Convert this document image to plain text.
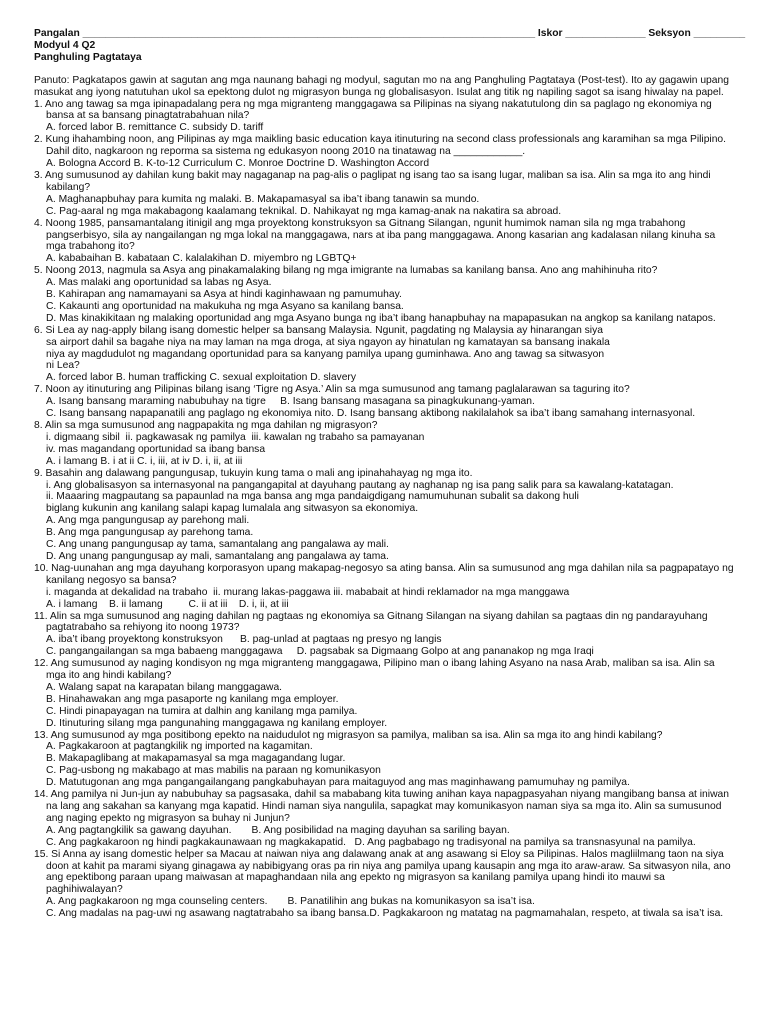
Pangalan _______________________________________________________________________________ Iskor ______________ Seksyon _________
Modyul 4 Q2
Panghuling Pagtataya
Panuto: Pagkatapos gawin at sagutan ang mga naunang bahagi ng modyul, sagutan mo na ang Panghuling Pagtataya (Post-test). Ito ay gagawin upang masukat ang iyong natutuhan ukol sa epektong dulot ng migrasyon bunga ng globalisasyon. Isulat ang titik ng napiling sagot sa isang hiwalay na papel.
1. Ano ang tawag sa mga ipinapadalang pera ng mga migranteng manggagawa sa Pilipinas na siyang nakatutulong din sa paglago ng ekonomiya ng bansa at sa bansang pinagtatrabahuan nila?
A. forced labor B. remittance C. subsidy D. tariff
2. Kung ihahambing noon, ang Pilipinas ay mga maikling basic education kaya itinuturing na second class professionals ang karamihan sa mga Pilipino. Dahil dito, nagkaroon ng reporma sa sistema ng edukasyon noong 2010 na tinatawag na ____________.
A. Bologna Accord B. K-to-12 Curriculum C. Monroe Doctrine D. Washington Accord
3. Ang sumusunod ay dahilan kung bakit may nagaganap na pag-alis o paglipat ng isang tao sa isang lugar, maliban sa isa. Alin sa mga ito ang hindi kabilang?
A. Maghanapbuhay para kumita ng malaki. B. Makapamasyal sa iba’t ibang tanawin sa mundo.
C. Pag-aaral ng mga makabagong kaalamang teknikal. D. Nahikayat ng mga kamag-anak na nakatira sa abroad.
4. Noong 1985, pansamantalang itinigil ang mga proyektong konstruksyon sa Gitnang Silangan, ngunit humimok naman sila ng mga trabahong pangserbisyo, sila ay nangailangan ng mga lokal na manggagawa, nars at iba pang manggagawa. Anong kasarian ang kadalasan nilang kinuha sa mga trabahong ito?
A. kababaihan B. kabataan C. kalalakihan D. miyembro ng LGBTQ+
5. Noong 2013, nagmula sa Asya ang pinakamalaking bilang ng mga imigrante na lumabas sa kanilang bansa. Ano ang mahihinuha rito?
A. Mas malaki ang oportunidad sa labas ng Asya.
B. Kahirapan ang namamayani sa Asya at hindi kaginhawaan ng pamumuhay.
C. Kakaunti ang oportunidad na makukuha ng mga Asyano sa kanilang bansa.
D. Mas kinakikitaan ng malaking oportunidad ang mga Asyano bunga ng iba’t ibang hanapbuhay na mapapasukan na angkop sa kanilang natapos.
6. Si Lea ay nag-apply bilang isang domestic helper sa bansang Malaysia. Ngunit, pagdating ng Malaysia ay hinarangan siya
sa airport dahil sa bagahe niya na may laman na mga droga, at siya ngayon ay hinatulan ng kamatayan sa bansang inakala
niya ay magdudulot ng magandang oportunidad para sa kanyang pamilya upang guminhawa. Ano ang tawag sa sitwasyon
ni Lea?
A. forced labor B. human trafficking C. sexual exploitation D. slavery
7. Noon ay itinuturing ang Pilipinas bilang isang ‘Tigre ng Asya.’ Alin sa mga sumusunod ang tamang paglalarawan sa taguring ito?
A. Isang bansang maraming nabubuhay na tigre     B. Isang bansang masagana sa pinagkukunang-yaman.
C. Isang bansang napapanatili ang paglago ng ekonomiya nito. D. Isang bansang aktibong nakilalahok sa iba’t ibang samahang internasyonal.
8. Alin sa mga sumusunod ang nagpapakita ng mga dahilan ng migrasyon?
i. digmaang sibil  ii. pagkawasak ng pamilya  iii. kawalan ng trabaho sa pamayanan
iv. mas magandang oportunidad sa ibang bansa
A. i lamang B. i at ii C. i, iii, at iv D. i, ii, at iii
9. Basahin ang dalawang pangungusap, tukuyin kung tama o mali ang ipinahahayag ng mga ito.
i. Ang globalisasyon sa internasyonal na pangangapital at dayuhang pautang ay naghanap ng isa pang salik para sa kawalang-katatagan.
ii. Maaaring magpautang sa papaunlad na mga bansa ang mga pandaigdigang namumuhunan subalit sa dakong huli
biglang kukunin ang kanilang salapi kapag lumalala ang sitwasyon sa ekonomiya.
A. Ang mga pangungusap ay parehong mali.
B. Ang mga pangungusap ay parehong tama.
C. Ang unang pangungusap ay tama, samantalang ang pangalawa ay mali.
D. Ang unang pangungusap ay mali, samantalang ang pangalawa ay tama.
10. Nag-uunahan ang mga dayuhang korporasyon upang makapag-negosyo sa ating bansa. Alin sa sumusunod ang mga dahilan nila sa pagpapatayo ng kanilang negosyo sa bansa?
i. maganda at dekalidad na trabaho  ii. murang lakas-paggawa iii. mababait at hindi reklamador na mga manggawa
A. i lamang    B. ii lamang         C. ii at iii    D. i, ii, at iii
11. Alin sa mga sumusunod ang naging dahilan ng pagtaas ng ekonomiya sa Gitnang Silangan na siyang dahilan sa pagtaas din ng pandarayuhang pagtatrabaho sa rehiyong ito noong 1973?
A. iba’t ibang proyektong konstruksyon      B. pag-unlad at pagtaas ng presyo ng langis
C. pangangailangan sa mga babaeng manggagawa     D. pagsabak sa Digmaang Golpo at ang pananakop ng mga Iraqi
12. Ang sumusunod ay naging kondisyon ng mga migranteng manggagawa, Pilipino man o ibang lahing Asyano na nasa Arab, maliban sa isa. Alin sa mga ito ang hindi kabilang?
A. Walang sapat na karapatan bilang manggagawa.
B. Hinahawakan ang mga pasaporte ng kanilang mga employer.
C. Hindi pinapayagan na tumira at dalhin ang kanilang mga pamilya.
D. Itinuturing silang mga pangunahing manggagawa ng kanilang employer.
13. Ang sumusunod ay mga positibong epekto na naidudulot ng migrasyon sa pamilya, maliban sa isa. Alin sa mga ito ang hindi kabilang?
A. Pagkakaroon at pagtangkilik ng imported na kagamitan.
B. Makapaglibang at makapamasyal sa mga magagandang lugar.
C. Pag-usbong ng makabago at mas mabilis na paraan ng komunikasyon
D. Matutugonan ang mga pangangailangang pangkabuhayan para maitaguyod ang mas maginhawang pamumuhay ng pamilya.
14. Ang pamilya ni Jun-jun ay nabubuhay sa pagsasaka, dahil sa mababang kita tuwing anihan kaya napagpasyahan niyang mangibang bansa at iniwan na lang ang sakahan sa kanyang mga kapatid. Hindi naman siya nangulila, sapagkat may komunikasyon naman siya sa mga ito. Alin sa sumusunod ang naging epekto ng migrasyon sa buhay ni Junjun?
A. Ang pagtangkilik sa gawang dayuhan.       B. Ang posibilidad na maging dayuhan sa sariling bayan.
C. Ang pagkakaroon ng hindi pagkakaunawaan ng magkakapatid.   D. Ang pagbabago ng tradisyonal na pamilya sa transnasyunal na pamilya.
15. Si Anna ay isang domestic helper sa Macau at naiwan niya ang dalawang anak at ang asawang si Eloy sa Pilipinas. Halos magliilmang taon na siya doon at kahit pa marami siyang ginagawa ay nabibigyang oras pa rin niya ang pamilya upang kausapin ang mga ito araw-araw. Sa sitwasyon nila, ano ang epektibong paraan upang maiwasan at mapaghandaan nila ang epekto ng migrasyon sa kanilang pamilya upang hindi ito mauwi sa paghihiwalayan?
A. Ang pagkakaroon ng mga counseling centers.       B. Panatilihin ang bukas na komunikasyon sa isa’t isa.
C. Ang madalas na pag-uwi ng asawang nagtatrabaho sa ibang bansa.D. Pagkakaroon ng matatag na pagmamahalan, respeto, at tiwala sa isa’t isa.
